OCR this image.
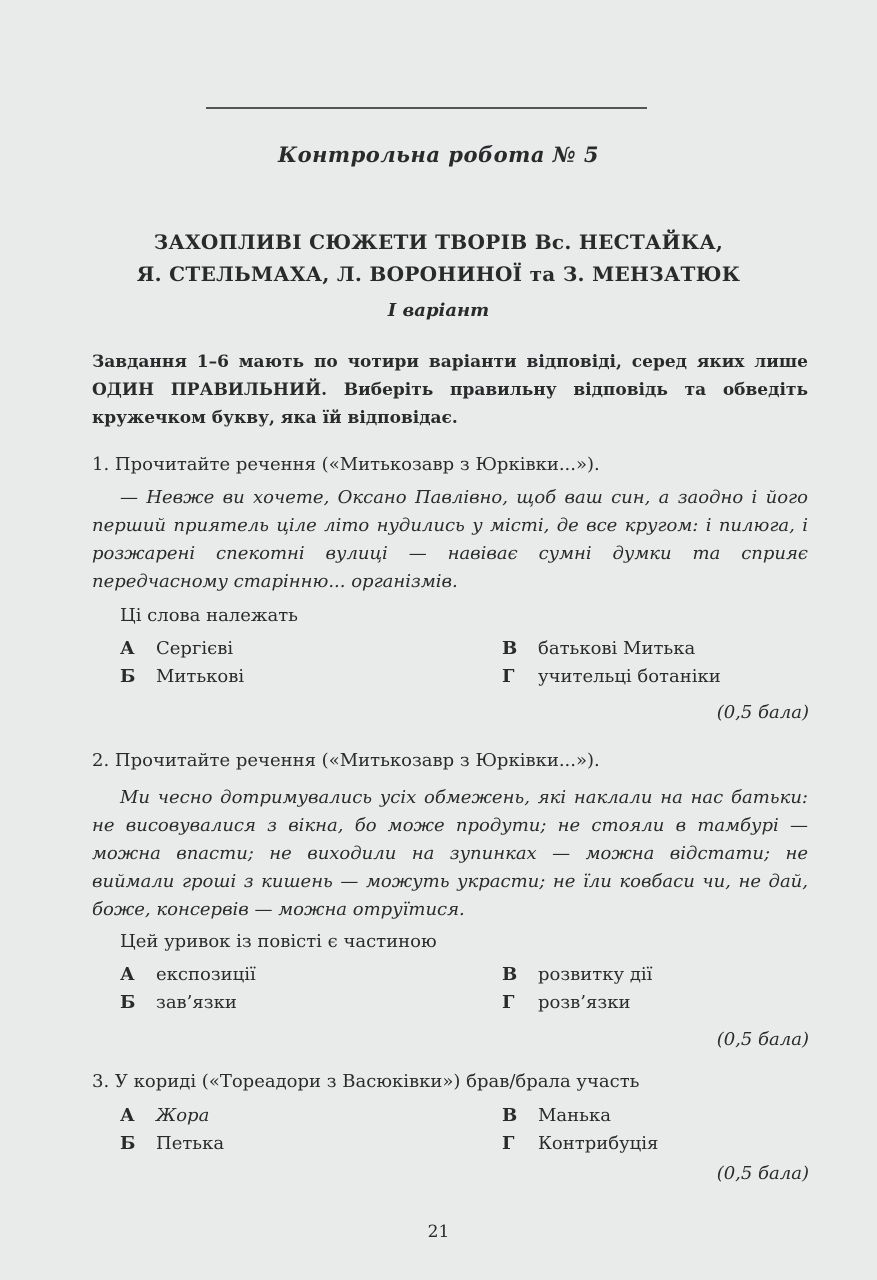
Контрольна робота № 5
ЗАХОПЛИВІ СЮЖЕТИ ТВОРІВ Вс. НЕСТАЙКА,
Я. СТЕЛЬМАХА, Л. ВОРОНИНОЇ та З. МЕНЗАТЮК
І варіант
Завдання 1–6 мають по чотири варіанти відповіді, серед яких лише ОДИН ПРАВИЛЬНИЙ. Виберіть правильну відповідь та обведіть кружечком букву, яка їй відповідає.
1. Прочитайте речення («Митькозавр з Юрківки...»).
— Невже ви хочете, Оксано Павлівно, щоб ваш син, а заодно і його перший приятель ціле літо нудились у місті, де все кругом: і пилюга, і розжарені спекотні вулиці — навіває сумні думки та сприяє передчасному старінню... організмів.
Ці слова належать
А Сергієві
Б Митькові
В батькові Митька
Г учительці ботаніки
(0,5 бала)
2. Прочитайте речення («Митькозавр з Юрківки...»).
Ми чесно дотримувались усіх обмежень, які наклали на нас батьки: не висовувалися з вікна, бо може продути; не стояли в тамбурі — можна впасти; не виходили на зупинках — можна відстати; не виймали гроші з кишень — можуть украсти; не їли ковбаси чи, не дай, боже, консервів — можна отруїтися.
Цей уривок із повісті є частиною
А експозиції
Б зав’язки
В розвитку дії
Г розв’язки
(0,5 бала)
3. У кориді («Тореадори з Васюківки») брав/брала участь
А Жора
Б Петька
В Манька
Г Контрибуція
(0,5 бала)
21
